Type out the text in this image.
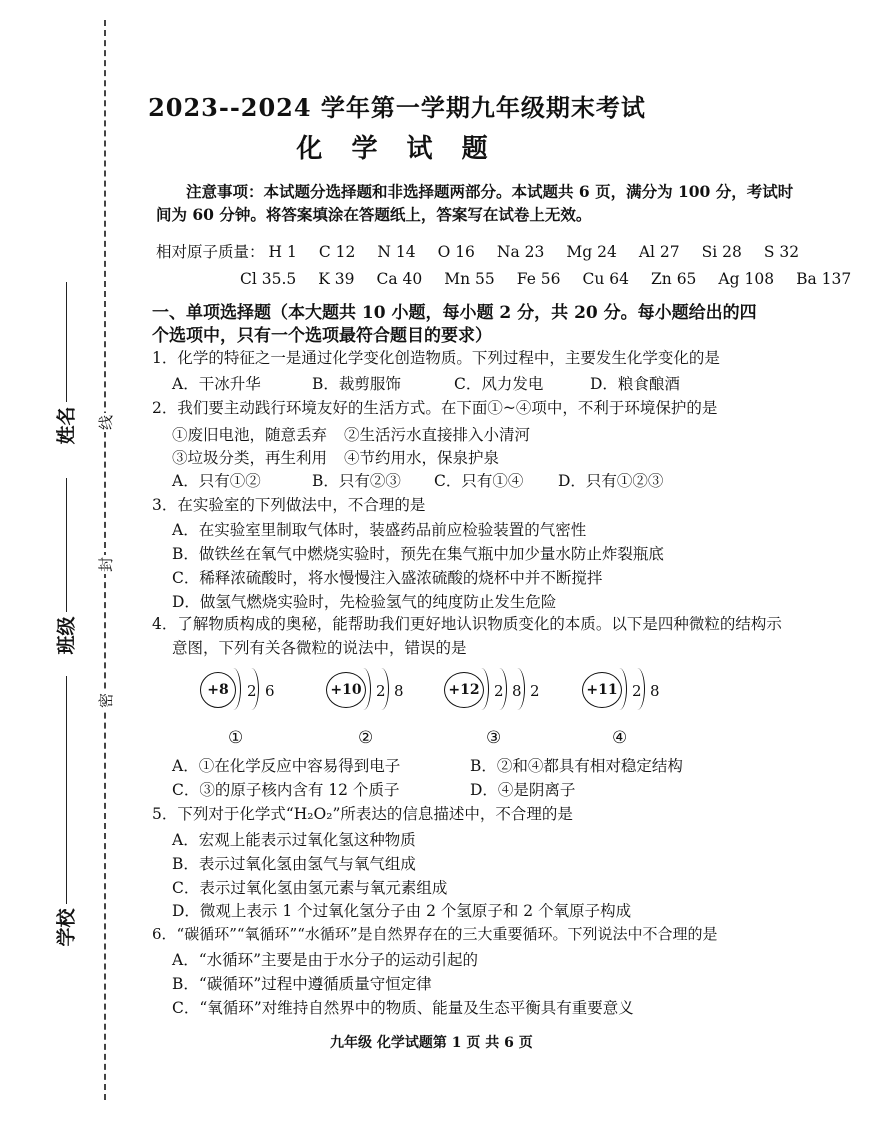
线
封
密
姓名
班级
学校
2023--2024 学年第一学期九年级期末考试
化 学 试 题
注意事项：本试题分选择题和非选择题两部分。本试题共 6 页，满分为 100 分，考试时
间为 60 分钟。将答案填涂在答题纸上，答案写在试卷上无效。
相对原子质量： H 1 C 12 N 14 O 16 Na 23 Mg 24 Al 27 Si 28 S 32
Cl 35.5 K 39 Ca 40 Mn 55 Fe 56 Cu 64 Zn 65 Ag 108 Ba 137
一、单项选择题（本大题共 10 小题，每小题 2 分，共 20 分。每小题给出的四
个选项中，只有一个选项最符合题目的要求）
1．化学的特征之一是通过化学变化创造物质。下列过程中，主要发生化学变化的是
A．干冰升华	B．裁剪服饰	C．风力发电	D．粮食酿酒
2．我们要主动践行环境友好的生活方式。在下面①~④项中，不利于环境保护的是
①废旧电池，随意丢弃 ②生活污水直接排入小清河
③垃圾分类，再生利用 ④节约用水，保泉护泉
A．只有①②	B．只有②③ C．只有①④ D．只有①②③
3．在实验室的下列做法中，不合理的是
A．在实验室里制取气体时，装盛药品前应检验装置的气密性
B．做铁丝在氧气中燃烧实验时，预先在集气瓶中加少量水防止炸裂瓶底
C．稀释浓硫酸时，将水慢慢注入盛浓硫酸的烧杯中并不断搅拌
D．做氢气燃烧实验时，先检验氢气的纯度防止发生危险
4．了解物质构成的奥秘，能帮助我们更好地认识物质变化的本质。以下是四种微粒的结构示
意图，下列有关各微粒的说法中，错误的是
+8	2 6
①
+10 2 8
②
+12 2 8 2
③
+11 2 8
④
A．①在化学反应中容易得到电子	B．②和④都具有相对稳定结构
C．③的原子核内含有 12 个质子	D．④是阴离子
5．下列对于化学式“H₂O₂”所表达的信息描述中，不合理的是
A．宏观上能表示过氧化氢这种物质
B．表示过氧化氢由氢气与氧气组成
C．表示过氧化氢由氢元素与氧元素组成
D．微观上表示 1 个过氧化氢分子由 2 个氢原子和 2 个氧原子构成
6．“碳循环”“氧循环”“水循环”是自然界存在的三大重要循环。下列说法中不合理的是
A．“水循环”主要是由于水分子的运动引起的
B．“碳循环”过程中遵循质量守恒定律
C．“氧循环”对维持自然界中的物质、能量及生态平衡具有重要意义
九年级 化学试题第 1 页 共 6 页
